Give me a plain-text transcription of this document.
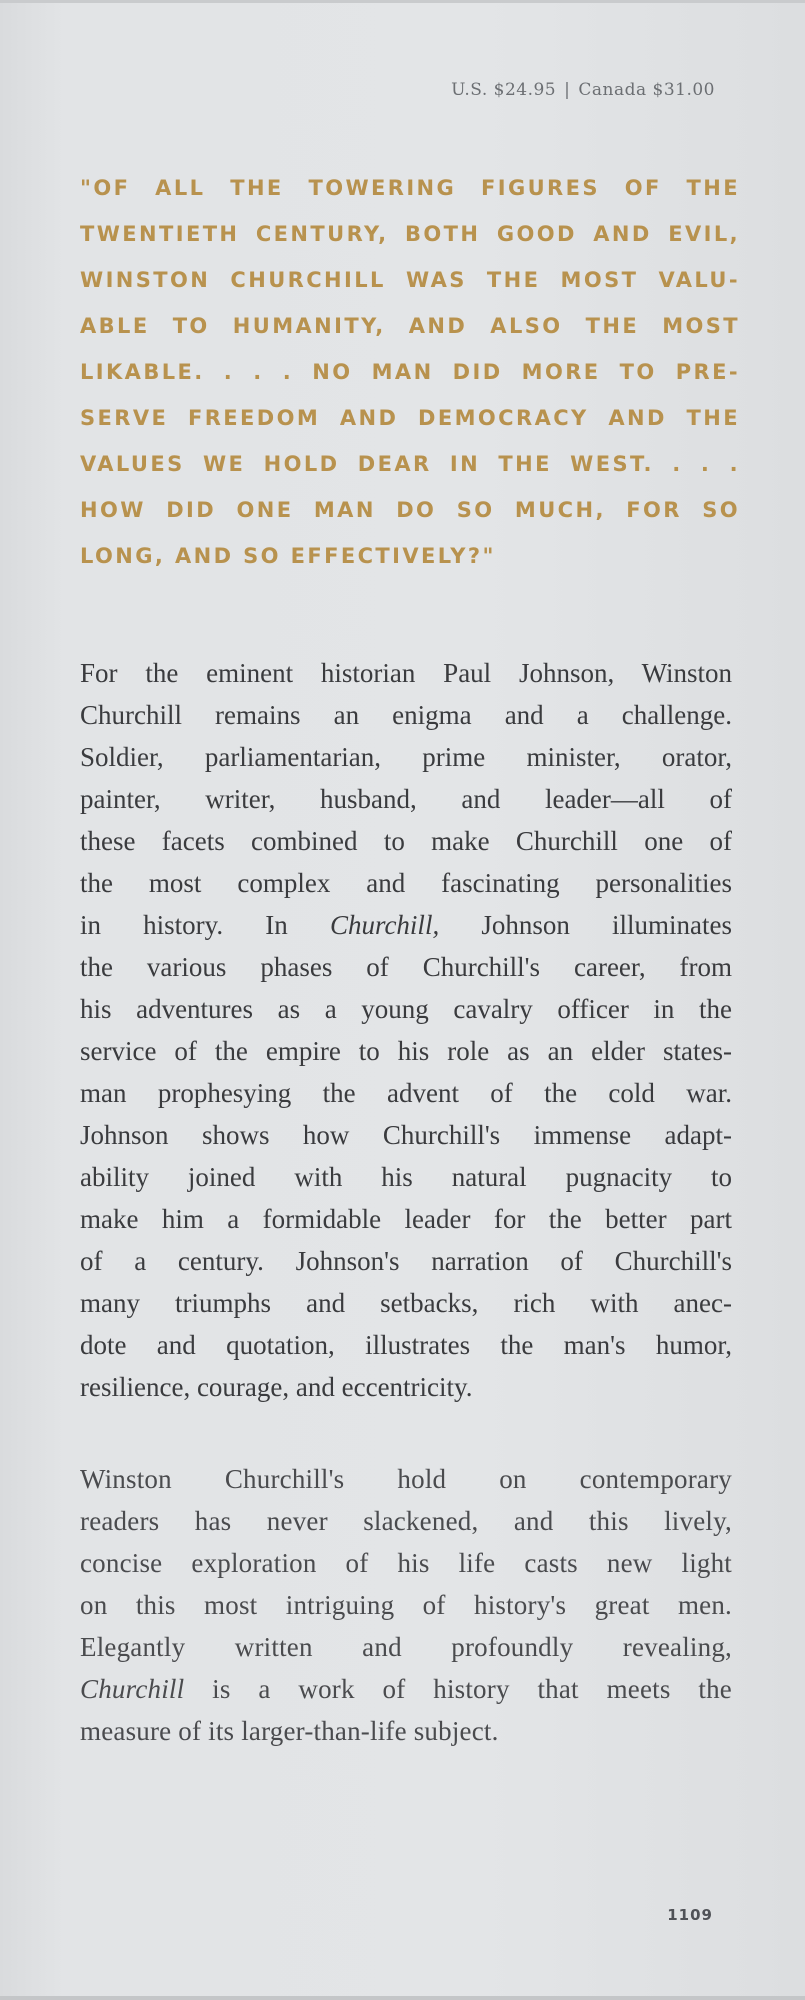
U.S. $24.95 | Canada $31.00
"OF ALL THE TOWERING FIGURES OF THE
TWENTIETH CENTURY, BOTH GOOD AND EVIL,
WINSTON CHURCHILL WAS THE MOST VALU-
ABLE TO HUMANITY, AND ALSO THE MOST
LIKABLE. . . . NO MAN DID MORE TO PRE-
SERVE FREEDOM AND DEMOCRACY AND THE
VALUES WE HOLD DEAR IN THE WEST. . . .
HOW DID ONE MAN DO SO MUCH, FOR SO
LONG, AND SO EFFECTIVELY?"
For the eminent historian Paul Johnson, Winston
Churchill remains an enigma and a challenge.
Soldier, parliamentarian, prime minister, orator,
painter, writer, husband, and leader—all of
these facets combined to make Churchill one of
the most complex and fascinating personalities
in history. In Churchill, Johnson illuminates
the various phases of Churchill's career, from
his adventures as a young cavalry officer in the
service of the empire to his role as an elder states-
man prophesying the advent of the cold war.
Johnson shows how Churchill's immense adapt-
ability joined with his natural pugnacity to
make him a formidable leader for the better part
of a century. Johnson's narration of Churchill's
many triumphs and setbacks, rich with anec-
dote and quotation, illustrates the man's humor,
resilience, courage, and eccentricity.
Winston Churchill's hold on contemporary
readers has never slackened, and this lively,
concise exploration of his life casts new light
on this most intriguing of history's great men.
Elegantly written and profoundly revealing,
Churchill is a work of history that meets the
measure of its larger-than-life subject.
1109
